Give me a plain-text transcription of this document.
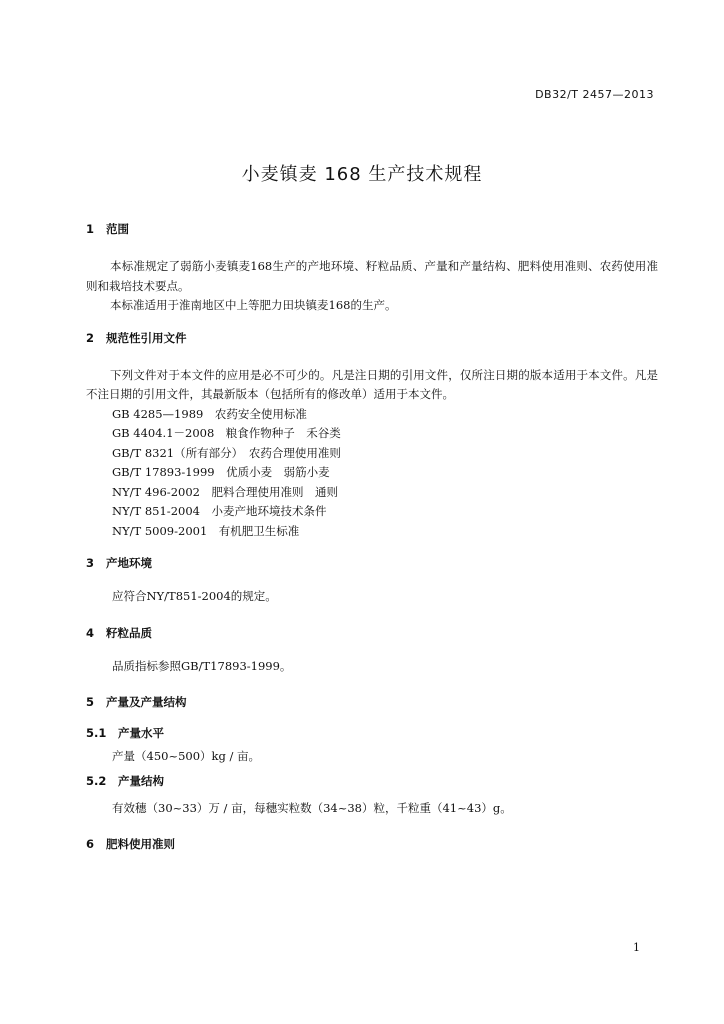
DB32/T 2457—2013
小麦镇麦 168 生产技术规程
1 范围
本标准规定了弱筋小麦镇麦168生产的产地环境、籽粒品质、产量和产量结构、肥料使用准则、农药使用准则和栽培技术要点。
本标准适用于淮南地区中上等肥力田块镇麦168的生产。
2 规范性引用文件
下列文件对于本文件的应用是必不可少的。凡是注日期的引用文件，仅所注日期的版本适用于本文件。凡是不注日期的引用文件，其最新版本（包括所有的修改单）适用于本文件。
GB 4285—1989　农药安全使用标准
GB 4404.1－2008　粮食作物种子　禾谷类
GB/T 8321（所有部分）　农药合理使用准则
GB/T 17893-1999　优质小麦　弱筋小麦
NY/T 496-2002　肥料合理使用准则　通则
NY/T 851-2004　小麦产地环境技术条件
NY/T 5009-2001　有机肥卫生标准
3 产地环境
应符合NY/T851-2004的规定。
4 籽粒品质
品质指标参照GB/T17893-1999。
5 产量及产量结构
5.1 产量水平
产量（450~500）kg / 亩。
5.2 产量结构
有效穗（30~33）万 / 亩，每穗实粒数（34~38）粒，千粒重（41~43）g。
6 肥料使用准则
1
